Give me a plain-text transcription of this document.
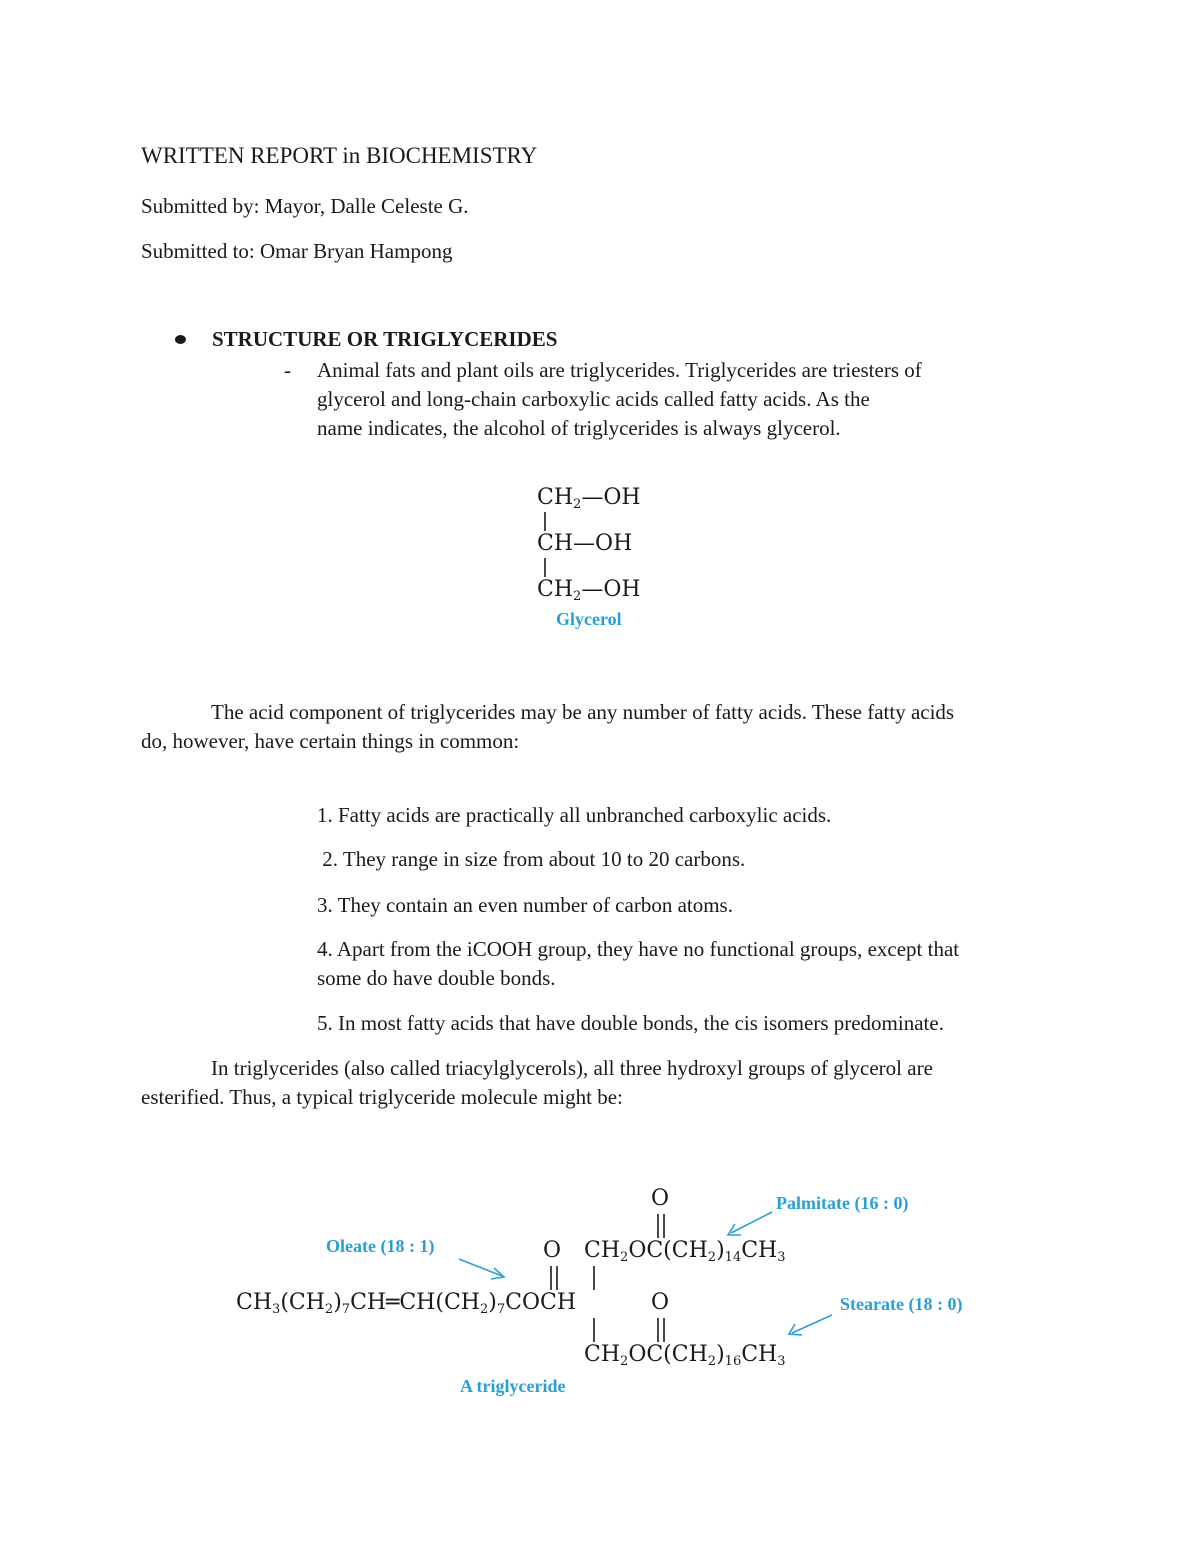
WRITTEN REPORT in BIOCHEMISTRY

Submitted by: Mayor, Dalle Celeste G.

Submitted to: Omar Bryan Hampong

STRUCTURE OR TRIGLYCERIDES

- Animal fats and plant oils are triglycerides. Triglycerides are triesters of

glycerol and long-chain carboxylic acids called fatty acids. As the

name indicates, the alcohol of triglycerides is always glycerol.

$CH_2—OH$
CH—OH
$CH_2—OH$
Glycerol

The acid component of triglycerides may be any number of fatty acids. These fatty acids

do, however, have certain things in common:

1. Fatty acids are practically all unbranched carboxylic acids.

2. They range in size from about 10 to 20 carbons.

3. They contain an even number of carbon atoms.

4. Apart from the iCOOH group, they have no functional groups, except that

some do have double bonds.

5. In most fatty acids that have double bonds, the cis isomers predominate.

In triglycerides (also called triacylglycerols), all three hydroxyl groups of glycerol are

esterified. Thus, a typical triglyceride molecule might be:

O
O
O
$CH_2OC(CH_2)_{14}CH_3$
$CH_3(CH_2)_7CH═CH(CH_2)_7COCH$
$CH_2OC(CH_2)_{16}CH_3$
Oleate (18 : 1)
Palmitate (16 : 0)
Stearate (18 : 0)
A triglyceride
